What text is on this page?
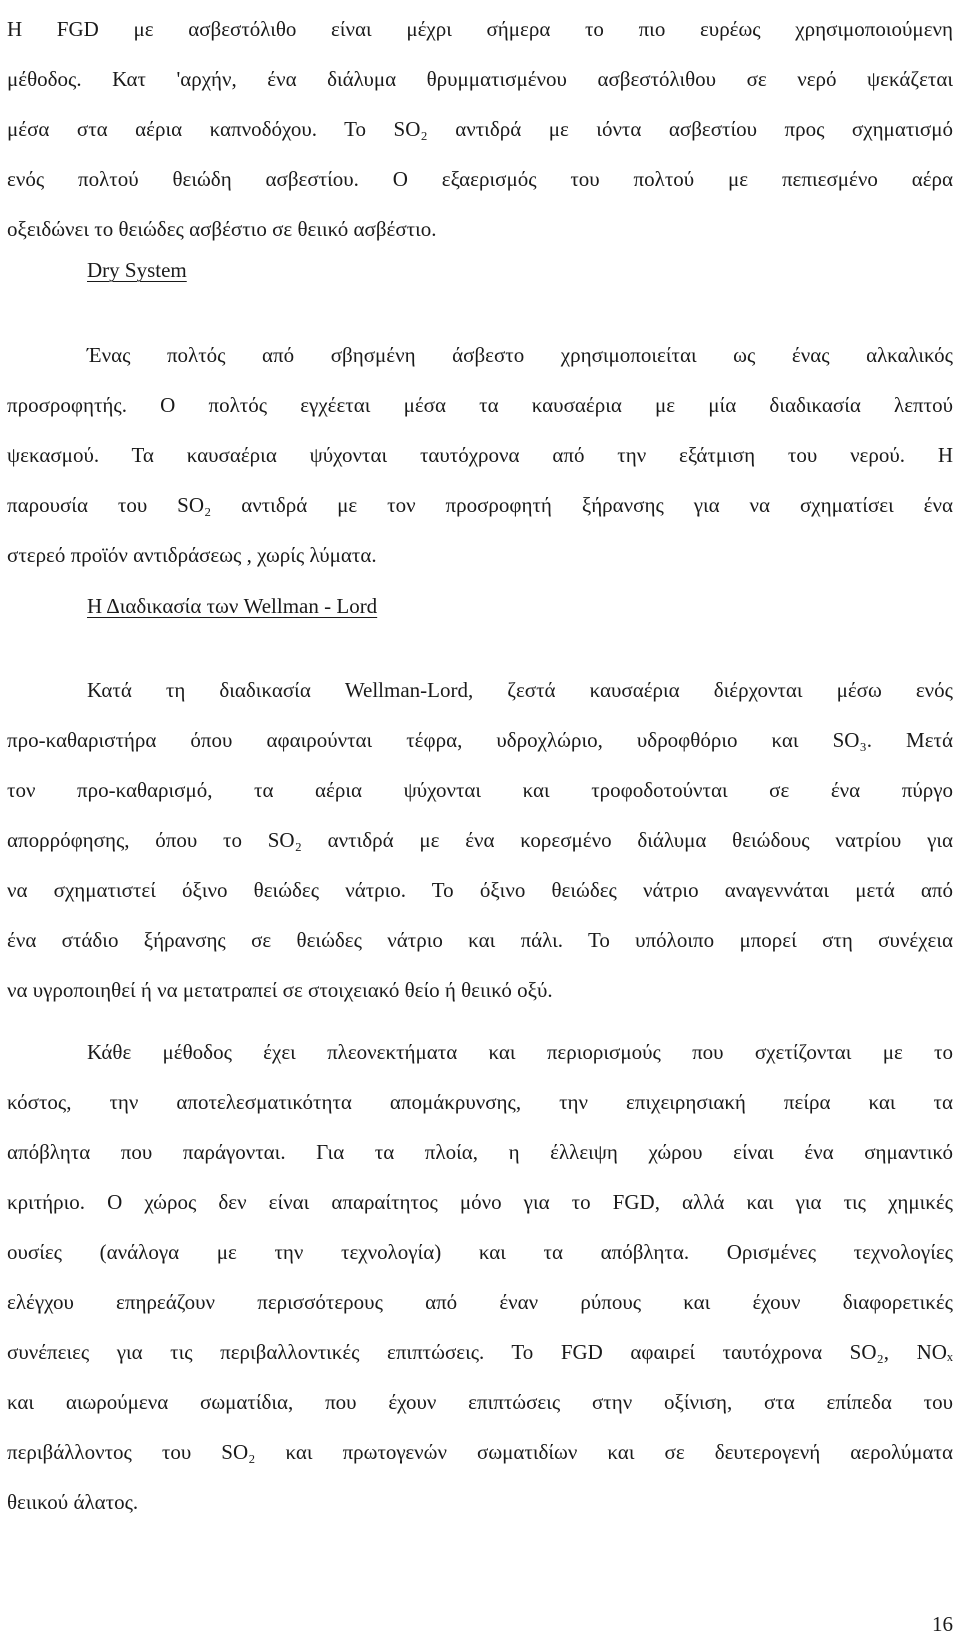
Η FGD με ασβεστόλιθο είναι μέχρι σήμερα το πιο ευρέως χρησιμοποιούμενη
μέθοδος. Κατ 'αρχήν, ένα διάλυμα θρυμματισμένου ασβεστόλιθου σε νερό ψεκάζεται
μέσα στα αέρια καπνοδόχου. Το SO₂ αντιδρά με ιόντα ασβεστίου προς σχηματισμό
ενός πολτού θειώδη ασβεστίου. Ο εξαερισμός του πολτού με πεπιεσμένο αέρα
οξειδώνει το θειώδες ασβέστιο σε θειικό ασβέστιο.

Dry System

Ένας πολτός από σβησμένη άσβεστο χρησιμοποιείται ως ένας αλκαλικός
προσροφητής. Ο πολτός εγχέεται μέσα τα καυσαέρια με μία διαδικασία λεπτού
ψεκασμού. Τα καυσαέρια ψύχονται ταυτόχρονα από την εξάτμιση του νερού. Η
παρουσία του SO₂ αντιδρά με τον προσροφητή ξήρανσης για να σχηματίσει ένα
στερεό προϊόν αντιδράσεως , χωρίς λύματα.

Η Διαδικασία των Wellman - Lord

Κατά τη διαδικασία Wellman-Lord, ζεστά καυσαέρια διέρχονται μέσω ενός
προ-καθαριστήρα όπου αφαιρούνται τέφρα, υδροχλώριο, υδροφθόριο και SO₃. Μετά
τον προ-καθαρισμό, τα αέρια ψύχονται και τροφοδοτούνται σε ένα πύργο
απορρόφησης, όπου το SO₂ αντιδρά με ένα κορεσμένο διάλυμα θειώδους νατρίου για
να σχηματιστεί όξινο θειώδες νάτριο. Το όξινο θειώδες νάτριο αναγεννάται μετά από
ένα στάδιο ξήρανσης σε θειώδες νάτριο και πάλι. Το υπόλοιπο μπορεί στη συνέχεια
να υγροποιηθεί ή να μετατραπεί σε στοιχειακό θείο ή θειικό οξύ.

Κάθε μέθοδος έχει πλεονεκτήματα και περιορισμούς που σχετίζονται με το
κόστος, την αποτελεσματικότητα απομάκρυνσης, την επιχειρησιακή πείρα και τα
απόβλητα που παράγονται. Για τα πλοία, η έλλειψη χώρου είναι ένα σημαντικό
κριτήριο. Ο χώρος δεν είναι απαραίτητος μόνο για το FGD, αλλά και για τις χημικές
ουσίες (ανάλογα με την τεχνολογία) και τα απόβλητα. Ορισμένες τεχνολογίες
ελέγχου επηρεάζουν περισσότερους από έναν ρύπους και έχουν διαφορετικές
συνέπειες για τις περιβαλλοντικές επιπτώσεις. Το FGD αφαιρεί ταυτόχρονα SO₂, NOₓ
και αιωρούμενα σωματίδια, που έχουν επιπτώσεις στην οξίνιση, στα επίπεδα του
περιβάλλοντος του SO₂ και πρωτογενών σωματιδίων και σε δευτερογενή αερολύματα
θειικού άλατος.

16
